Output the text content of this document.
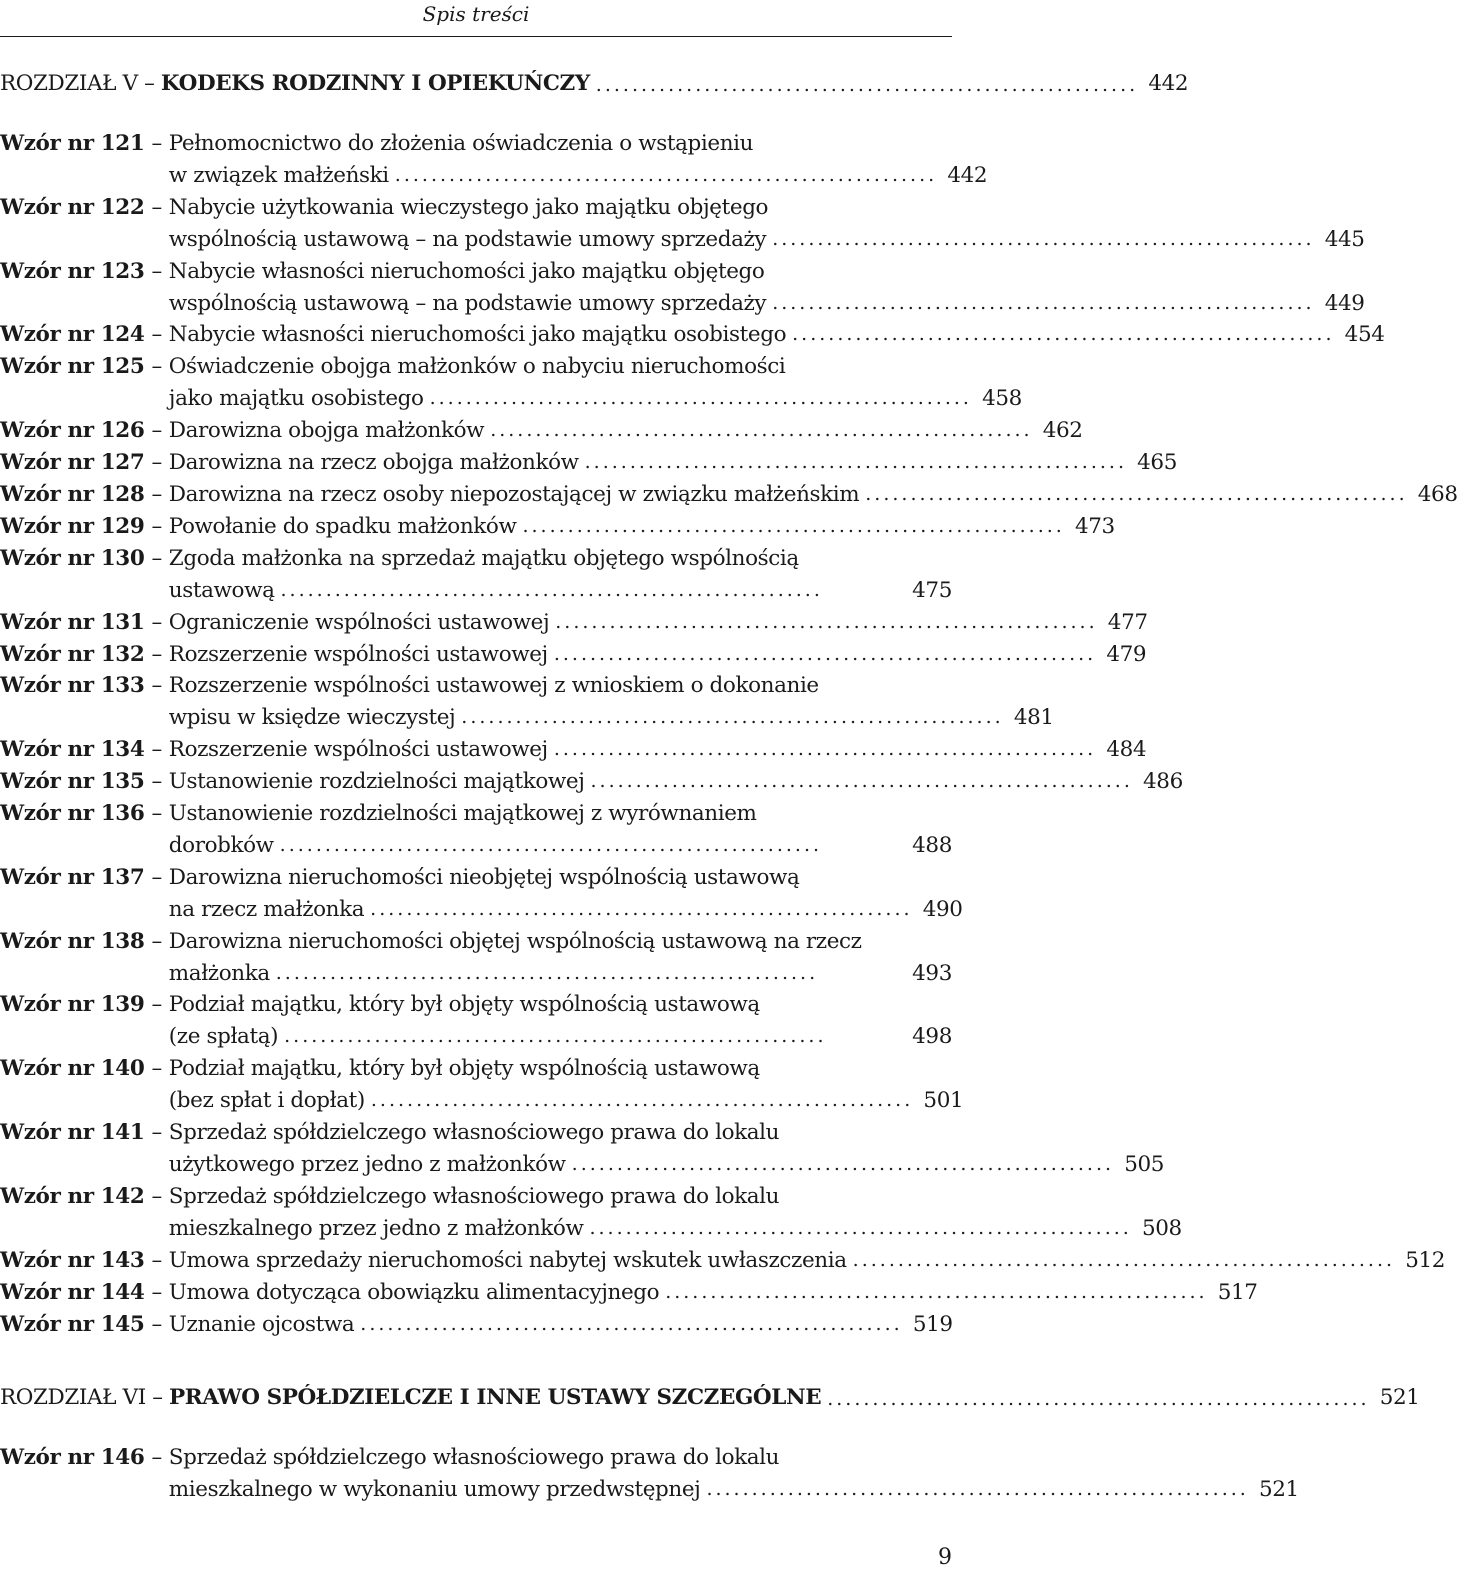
Spis treści
ROZDZIAŁ V – KODEKS RODZINNY I OPIEKUŃCZY ............................................................ 442
Wzór nr 121 – Pełnomocnictwo do złożenia oświadczenia o wstąpieniu
w związek małżeński ............................................................ 442
Wzór nr 122 – Nabycie użytkowania wieczystego jako majątku objętego
wspólnością ustawową – na podstawie umowy sprzedaży ............................................................ 445
Wzór nr 123 – Nabycie własności nieruchomości jako majątku objętego
wspólnością ustawową – na podstawie umowy sprzedaży ............................................................ 449
Wzór nr 124 – Nabycie własności nieruchomości jako majątku osobistego ............................................................ 454
Wzór nr 125 – Oświadczenie obojga małżonków o nabyciu nieruchomości
jako majątku osobistego ............................................................ 458
Wzór nr 126 – Darowizna obojga małżonków ............................................................ 462
Wzór nr 127 – Darowizna na rzecz obojga małżonków ............................................................ 465
Wzór nr 128 – Darowizna na rzecz osoby niepozostającej w związku małżeńskim ............................................................ 468
Wzór nr 129 – Powołanie do spadku małżonków ............................................................ 473
Wzór nr 130 – Zgoda małżonka na sprzedaż majątku objętego wspólnością
ustawową ............................................................	475
Wzór nr 131 – Ograniczenie wspólności ustawowej ............................................................ 477
Wzór nr 132 – Rozszerzenie wspólności ustawowej ............................................................ 479
Wzór nr 133 – Rozszerzenie wspólności ustawowej z wnioskiem o dokonanie
wpisu w księdze wieczystej ............................................................ 481
Wzór nr 134 – Rozszerzenie wspólności ustawowej ............................................................ 484
Wzór nr 135 – Ustanowienie rozdzielności majątkowej ............................................................ 486
Wzór nr 136 – Ustanowienie rozdzielności majątkowej z wyrównaniem
dorobków ............................................................	488
Wzór nr 137 – Darowizna nieruchomości nieobjętej wspólnością ustawową
na rzecz małżonka ............................................................ 490
Wzór nr 138 – Darowizna nieruchomości objętej wspólnością ustawową na rzecz
małżonka ............................................................	493
Wzór nr 139 – Podział majątku, który był objęty wspólnością ustawową
(ze spłatą) ............................................................	498
Wzór nr 140 – Podział majątku, który był objęty wspólnością ustawową
(bez spłat i dopłat) ............................................................ 501
Wzór nr 141 – Sprzedaż spółdzielczego własnościowego prawa do lokalu
użytkowego przez jedno z małżonków ............................................................ 505
Wzór nr 142 – Sprzedaż spółdzielczego własnościowego prawa do lokalu
mieszkalnego przez jedno z małżonków ............................................................ 508
Wzór nr 143 – Umowa sprzedaży nieruchomości nabytej wskutek uwłaszczenia ............................................................ 512
Wzór nr 144 – Umowa dotycząca obowiązku alimentacyjnego ............................................................ 517
Wzór nr 145 – Uznanie ojcostwa ............................................................ 519
ROZDZIAŁ VI – PRAWO SPÓŁDZIELCZE I INNE USTAWY SZCZEGÓLNE ............................................................ 521
Wzór nr 146 – Sprzedaż spółdzielczego własnościowego prawa do lokalu
mieszkalnego w wykonaniu umowy przedwstępnej ............................................................ 521
9
